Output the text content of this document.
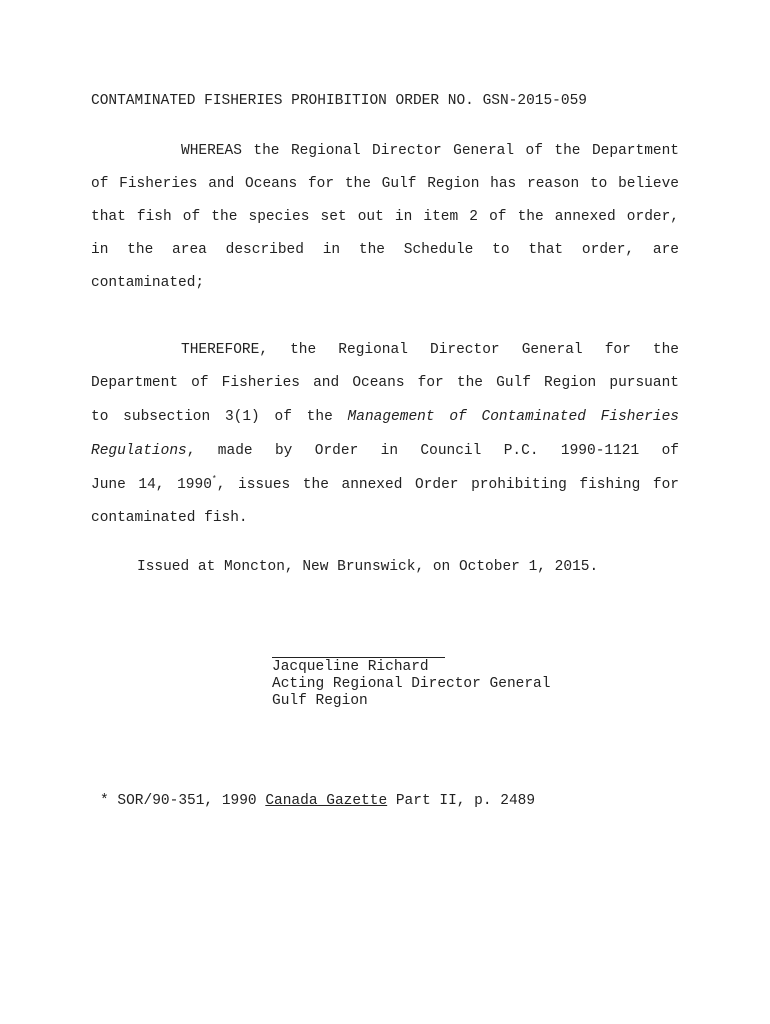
CONTAMINATED FISHERIES PROHIBITION ORDER NO. GSN-2015-059
WHEREAS the Regional Director General of the Department
of Fisheries and Oceans for the Gulf Region has reason to believe
that fish of the species set out in item 2 of the annexed order,
in the area described in the Schedule to that order, are
contaminated;
THEREFORE, the Regional Director General for the
Department of Fisheries and Oceans for the Gulf Region pursuant
to subsection 3(1) of the Management of Contaminated Fisheries
Regulations, made by Order in Council P.C. 1990-1121 of
June 14, 1990*, issues the annexed Order prohibiting fishing for
contaminated fish.
Issued at Moncton, New Brunswick, on October 1, 2015.
Jacqueline Richard
Acting Regional Director General
Gulf Region
* SOR/90-351, 1990 Canada Gazette Part II, p. 2489
